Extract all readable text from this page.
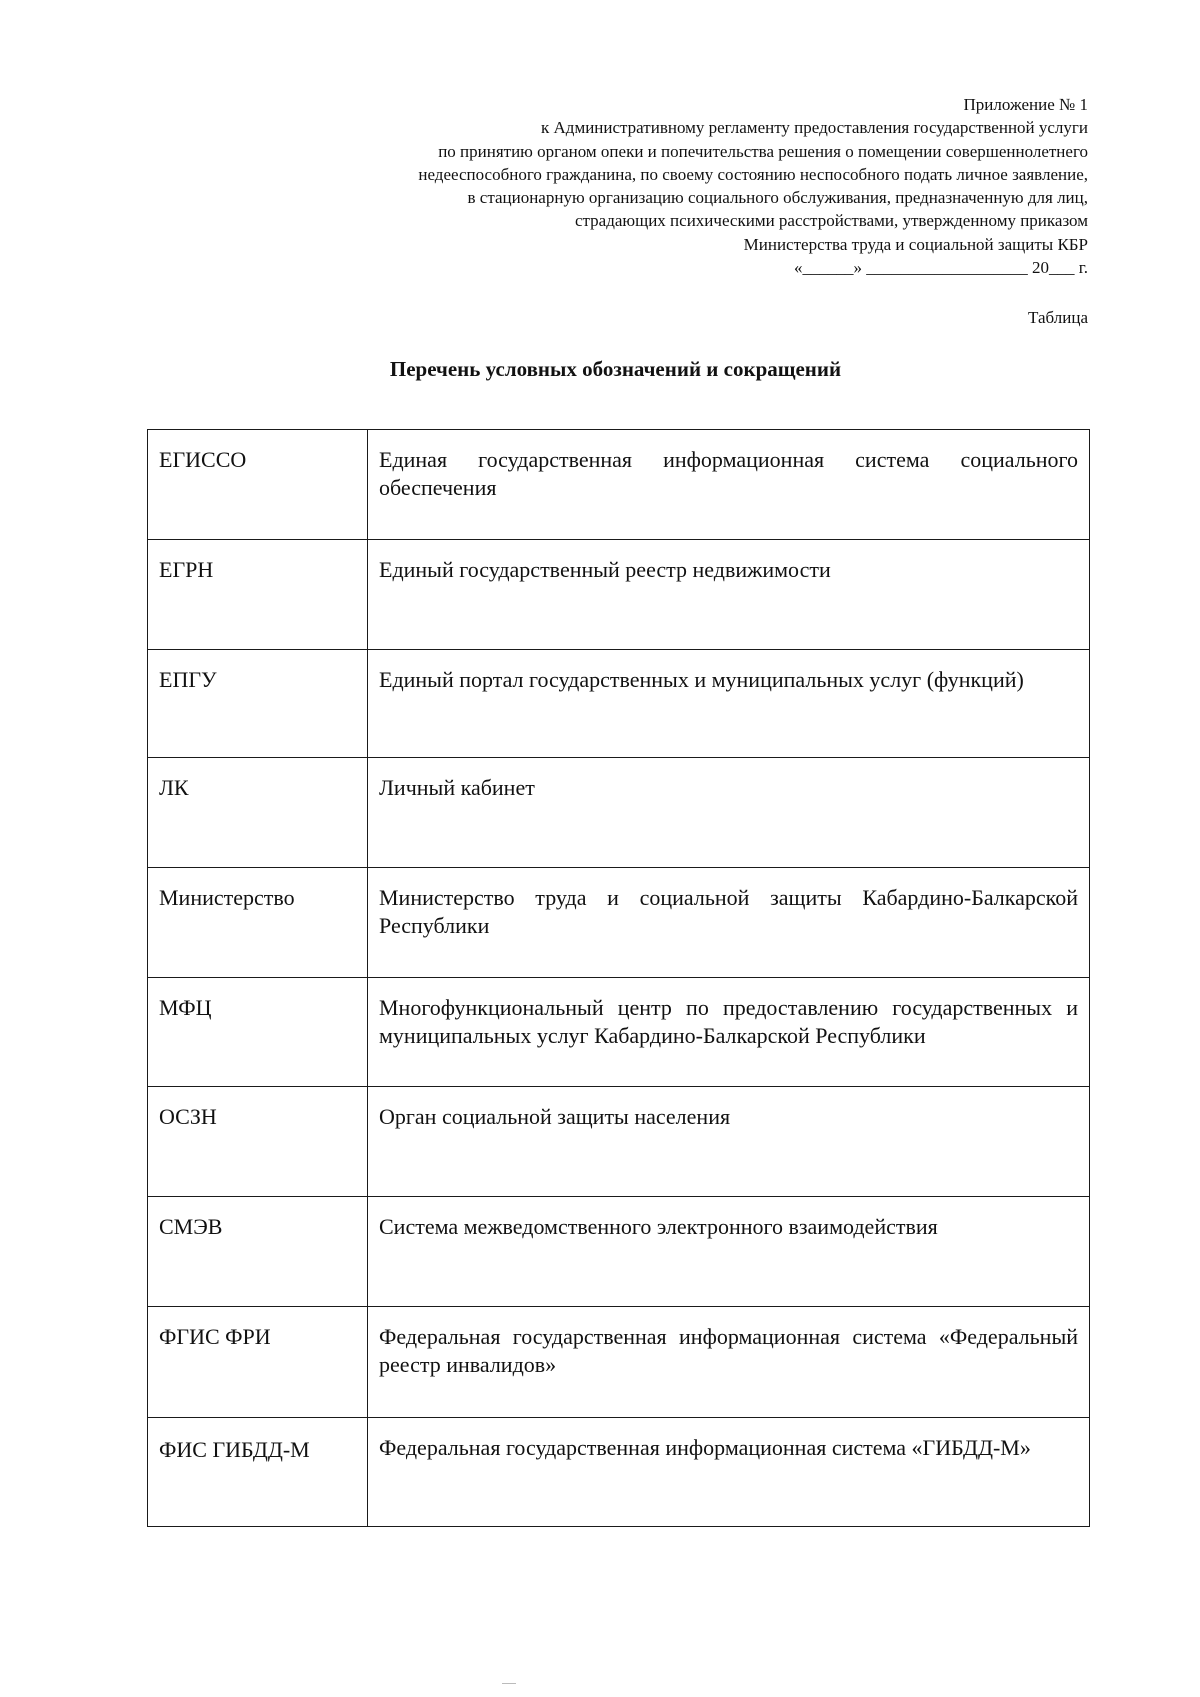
Приложение № 1
к Административному регламенту предоставления государственной услуги
по принятию органом опеки и попечительства решения о помещении совершеннолетнего
недееспособного гражданина, по своему состоянию неспособного подать личное заявление,
в стационарную организацию социального обслуживания, предназначенную для лиц,
страдающих психическими расстройствами, утвержденному приказом
Министерства труда и социальной защиты КБР
«______» ___________________ 20___ г.
Таблица
Перечень условных обозначений и сокращений
ЕГИССО	Единая государственная информационная система социального обеспечения
ЕГРН	Единый государственный реестр недвижимости
ЕПГУ	Единый портал государственных и муниципальных услуг (функций)
ЛК	Личный кабинет
Министерство	Министерство труда и социальной защиты Кабардино-Балкарской Республики
МФЦ	Многофункциональный центр по предоставлению государственных и муниципальных услуг Кабардино-Балкарской Республики
ОСЗН	Орган социальной защиты населения
СМЭВ	Система межведомственного электронного взаимодействия
ФГИС ФРИ	Федеральная государственная информационная система «Федеральный реестр инвалидов»
ФИС ГИБДД-М	Федеральная государственная информационная система «ГИБДД-М»
